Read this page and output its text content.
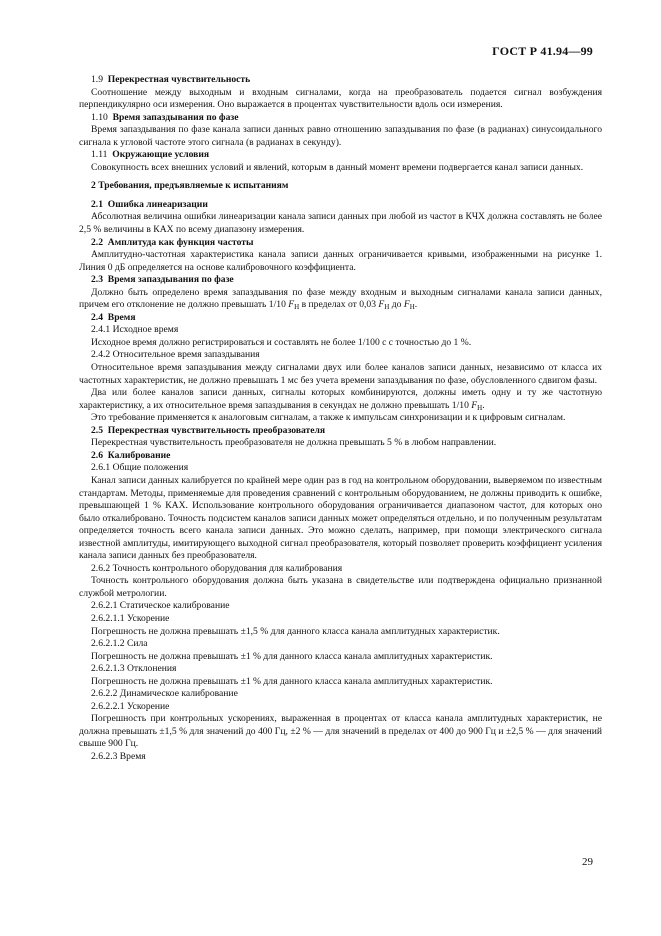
ГОСТ Р 41.94—99

1.9 Перекрестная чувствительность

Соотношение между выходным и входным сигналами, когда на преобразователь подается сигнал возбуждения перпендикулярно оси измерения. Оно выражается в процентах чувствительности вдоль оси измерения.

1.10 Время запаздывания по фазе

Время запаздывания по фазе канала записи данных равно отношению запаздывания по фазе (в радианах) синусоидального сигнала к угловой частоте этого сигнала (в радианах в секунду).

1.11 Окружающие условия

Совокупность всех внешних условий и явлений, которым в данный момент времени подвергается канал записи данных.

2 Требования, предъявляемые к испытаниям

2.1 Ошибка линеаризации

Абсолютная величина ошибки линеаризации канала записи данных при любой из частот в КЧХ должна составлять не более 2,5 % величины в КАХ по всему диапазону измерения.

2.2 Амплитуда как функция частоты

Амплитудно-частотная характеристика канала записи данных ограничивается кривыми, изображенными на рисунке 1. Линия 0 дБ определяется на основе калибровочного коэффициента.

2.3 Время запаздывания по фазе

Должно быть определено время запаздывания по фазе между входным и выходным сигналами канала записи данных, причем его отклонение не должно превышать 1/10 $F_H$ в пределах от 0,03 $F_H$ до $F_H$.

2.4 Время

2.4.1 Исходное время

Исходное время должно регистрироваться и составлять не более 1/100 с с точностью до 1 %.

2.4.2 Относительное время запаздывания

Относительное время запаздывания между сигналами двух или более каналов записи данных, независимо от класса их частотных характеристик, не должно превышать 1 мс без учета времени запаздывания по фазе, обусловленного сдвигом фазы.

Два или более каналов записи данных, сигналы которых комбинируются, должны иметь одну и ту же частотную характеристику, а их относительное время запаздывания в секундах не должно превышать 1/10 $F_H$.

Это требование применяется к аналоговым сигналам, а также к импульсам синхронизации и к цифровым сигналам.

2.5 Перекрестная чувствительность преобразователя

Перекрестная чувствительность преобразователя не должна превышать 5 % в любом направлении.

2.6 Калибрование

2.6.1 Общие положения

Канал записи данных калибруется по крайней мере один раз в год на контрольном оборудовании, выверяемом по известным стандартам. Методы, применяемые для проведения сравнений с контрольным оборудованием, не должны приводить к ошибке, превышающей 1 % КАХ. Использование контрольного оборудования ограничивается диапазоном частот, для которых оно было откалибровано. Точность подсистем каналов записи данных может определяться отдельно, и по полученным результатам определяется точность всего канала записи данных. Это можно сделать, например, при помощи электрического сигнала известной амплитуды, имитирующего выходной сигнал преобразователя, который позволяет проверить коэффициент усиления канала записи данных без преобразователя.

2.6.2 Точность контрольного оборудования для калибрования

Точность контрольного оборудования должна быть указана в свидетельстве или подтверждена официально признанной службой метрологии.

2.6.2.1 Статическое калибрование

2.6.2.1.1 Ускорение

Погрешность не должна превышать ±1,5 % для данного класса канала амплитудных характеристик.

2.6.2.1.2 Сила

Погрешность не должна превышать ±1 % для данного класса канала амплитудных характеристик.

2.6.2.1.3 Отклонения

Погрешность не должна превышать ±1 % для данного класса канала амплитудных характеристик.

2.6.2.2 Динамическое калибрование

2.6.2.2.1 Ускорение

Погрешность при контрольных ускорениях, выраженная в процентах от класса канала амплитудных характеристик, не должна превышать ±1,5 % для значений до 400 Гц, ±2 % — для значений в пределах от 400 до 900 Гц и ±2,5 % — для значений свыше 900 Гц.

2.6.2.3 Время

29
